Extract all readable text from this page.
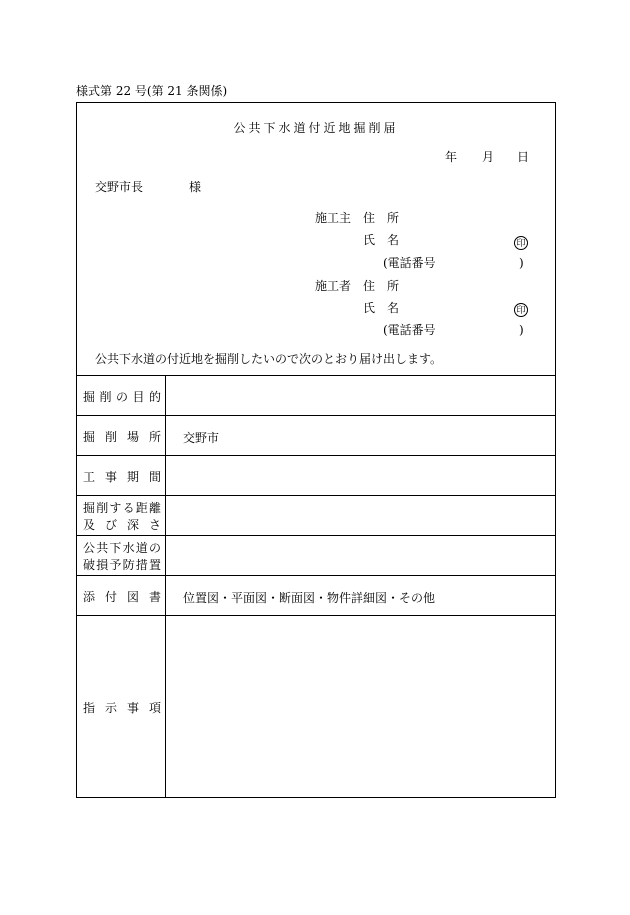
様式第 22 号(第 21 条関係)
公共下水道付近地掘削届
年 月 日
交野市長	様
施工主 住　所
氏　名	印
(電話番号	)
施工者 住　所
氏　名	印
(電話番号	)
公共下水道の付近地を掘削したいので次のとおり届け出します。
掘削の目的
掘削場所 交野市
工事期間
掘削する距離
及び深さ
公共下水道の
破損予防措置
添付図書 位置図・平面図・断面図・物件詳細図・その他
指示事項
